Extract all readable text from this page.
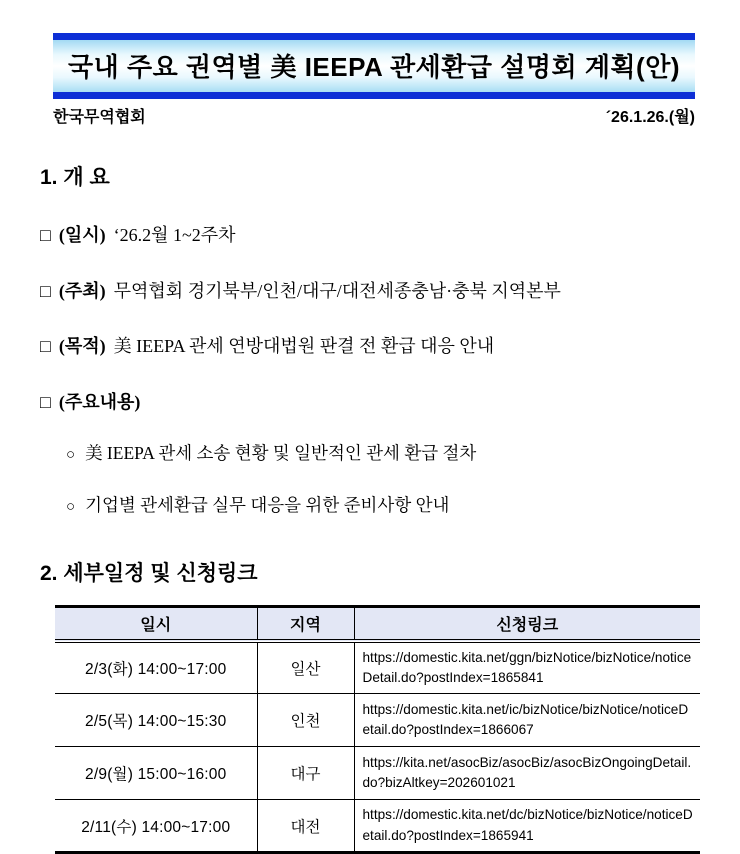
국내 주요 권역별 美 IEEPA 관세환급 설명회 계획(안)
한국무역협회	´26.1.26.(월)
1. 개 요
□ (일시) ‘26.2월 1~2주차
□ (주최) 무역협회 경기북부/인천/대구/대전세종충남·충북 지역본부
□ (목적) 美 IEEPA 관세 연방대법원 판결 전 환급 대응 안내
□ (주요내용)
○ 美 IEEPA 관세 소송 현황 및 일반적인 관세 환급 절차
○ 기업별 관세환급 실무 대응을 위한 준비사항 안내
2. 세부일정 및 신청링크
일시	지역	신청링크
2/3(화) 14:00~17:00	일산	https://domestic.kita.net/ggn/bizNotice/bizNotice/noticeDetail.do?postIndex=1865841
2/5(목) 14:00~15:30	인천	https://domestic.kita.net/ic/bizNotice/bizNotice/noticeDetail.do?postIndex=1866067
2/9(월) 15:00~16:00	대구	https://kita.net/asocBiz/asocBiz/asocBizOngoingDetail.do?bizAltkey=202601021
2/11(수) 14:00~17:00	대전	https://domestic.kita.net/dc/bizNotice/bizNotice/noticeDetail.do?postIndex=1865941
